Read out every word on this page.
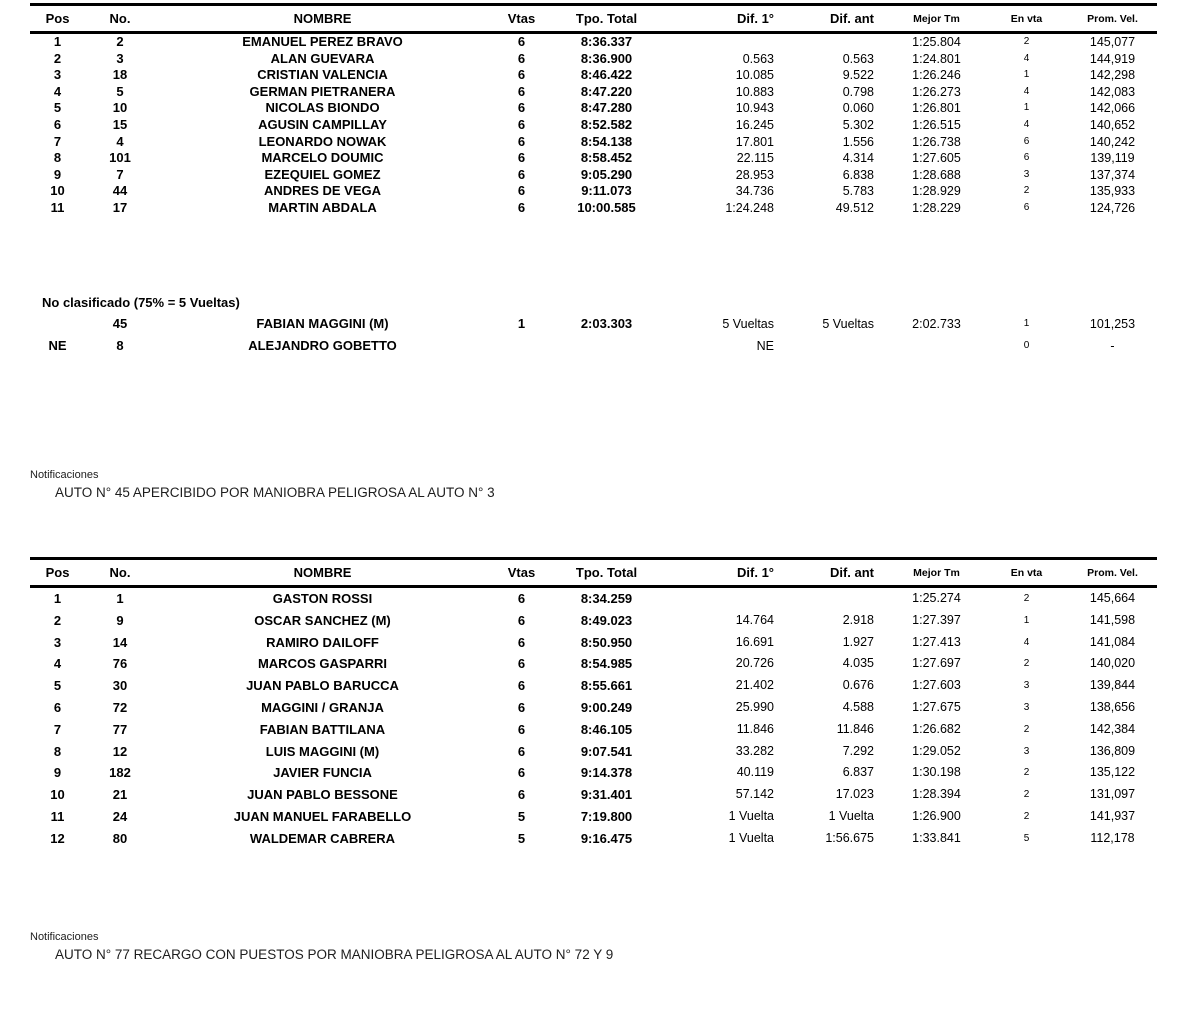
Pos	No.	NOMBRE	Vtas	Tpo. Total	Dif. 1°	Dif. ant	Mejor Tm	En vta	Prom. Vel.
1	2	EMANUEL PEREZ BRAVO	6	8:36.337			1:25.804	2	145,077
2	3	ALAN GUEVARA	6	8:36.900	0.563	0.563	1:24.801	4	144,919
3	18	CRISTIAN VALENCIA	6	8:46.422	10.085	9.522	1:26.246	1	142,298
4	5	GERMAN PIETRANERA	6	8:47.220	10.883	0.798	1:26.273	4	142,083
5	10	NICOLAS BIONDO	6	8:47.280	10.943	0.060	1:26.801	1	142,066
6	15	AGUSIN CAMPILLAY	6	8:52.582	16.245	5.302	1:26.515	4	140,652
7	4	LEONARDO NOWAK	6	8:54.138	17.801	1.556	1:26.738	6	140,242
8	101	MARCELO DOUMIC	6	8:58.452	22.115	4.314	1:27.605	6	139,119
9	7	EZEQUIEL GOMEZ	6	9:05.290	28.953	6.838	1:28.688	3	137,374
10	44	ANDRES DE VEGA	6	9:11.073	34.736	5.783	1:28.929	2	135,933
11	17	MARTIN ABDALA	6	10:00.585	1:24.248	49.512	1:28.229	6	124,726
No clasificado (75% = 5 Vueltas)
	45	FABIAN MAGGINI (M)	1	2:03.303	5 Vueltas	5 Vueltas	2:02.733	1	101,253
NE	8	ALEJANDRO GOBETTO			NE			0	-
Notificaciones
AUTO N° 45 APERCIBIDO POR MANIOBRA PELIGROSA AL AUTO N° 3
Pos	No.	NOMBRE	Vtas	Tpo. Total	Dif. 1°	Dif. ant	Mejor Tm	En vta	Prom. Vel.
1	1	GASTON ROSSI	6	8:34.259			1:25.274	2	145,664
2	9	OSCAR SANCHEZ (M)	6	8:49.023	14.764	2.918	1:27.397	1	141,598
3	14	RAMIRO DAILOFF	6	8:50.950	16.691	1.927	1:27.413	4	141,084
4	76	MARCOS GASPARRI	6	8:54.985	20.726	4.035	1:27.697	2	140,020
5	30	JUAN PABLO BARUCCA	6	8:55.661	21.402	0.676	1:27.603	3	139,844
6	72	MAGGINI / GRANJA	6	9:00.249	25.990	4.588	1:27.675	3	138,656
7	77	FABIAN BATTILANA	6	8:46.105	11.846	11.846	1:26.682	2	142,384
8	12	LUIS MAGGINI (M)	6	9:07.541	33.282	7.292	1:29.052	3	136,809
9	182	JAVIER FUNCIA	6	9:14.378	40.119	6.837	1:30.198	2	135,122
10	21	JUAN PABLO BESSONE	6	9:31.401	57.142	17.023	1:28.394	2	131,097
11	24	JUAN MANUEL FARABELLO	5	7:19.800	1 Vuelta	1 Vuelta	1:26.900	2	141,937
12	80	WALDEMAR CABRERA	5	9:16.475	1 Vuelta	1:56.675	1:33.841	5	112,178
Notificaciones
AUTO N° 77 RECARGO CON PUESTOS POR MANIOBRA PELIGROSA AL AUTO N° 72 Y 9
